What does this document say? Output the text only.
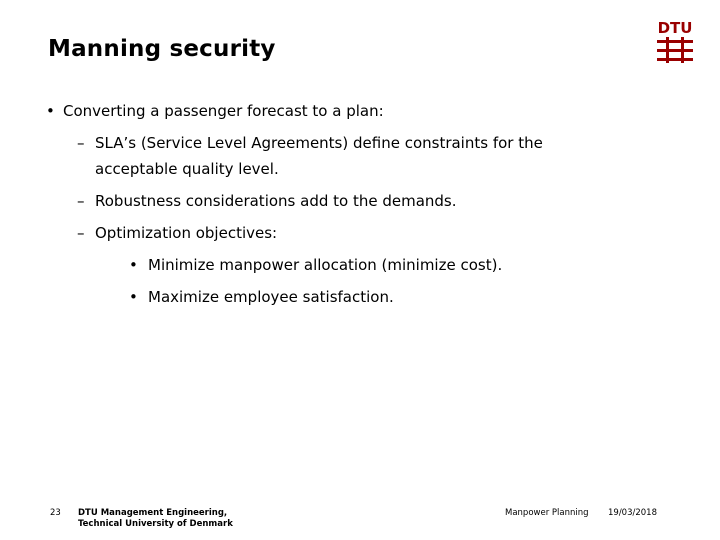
Manning security
DTU
• Converting a passenger forecast to a plan:
– SLA’s (Service Level Agreements) define constraints for the
acceptable quality level.
– Robustness considerations add to the demands.
– Optimization objectives:
• Minimize manpower allocation (minimize cost).
• Maximize employee satisfaction.
23 DTU Management Engineering,
Technical University of Denmark
Manpower Planning 19/03/2018
